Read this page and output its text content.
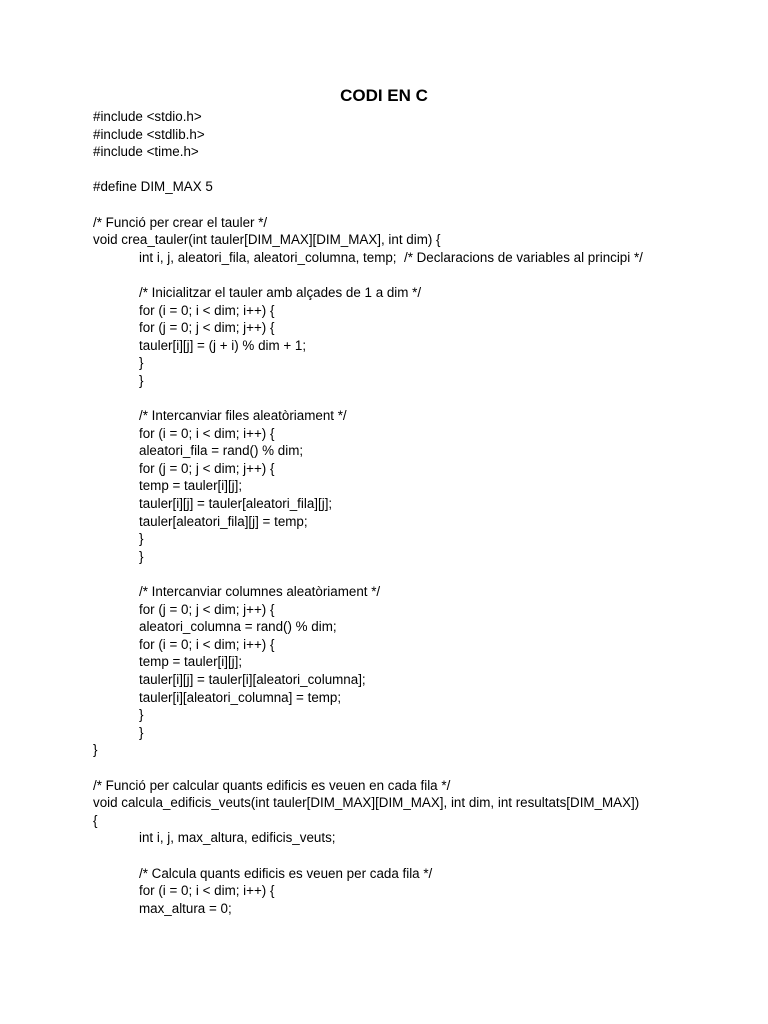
CODI EN C
#include <stdio.h>
#include <stdlib.h>
#include <time.h>
#define DIM_MAX 5
/* Funció per crear el tauler */
void crea_tauler(int tauler[DIM_MAX][DIM_MAX], int dim) {
int i, j, aleatori_fila, aleatori_columna, temp;  /* Declaracions de variables al principi */
/* Inicialitzar el tauler amb alçades de 1 a dim */
for (i = 0; i < dim; i++) {
for (j = 0; j < dim; j++) {
tauler[i][j] = (j + i) % dim + 1;
}
}
/* Intercanviar files aleatòriament */
for (i = 0; i < dim; i++) {
aleatori_fila = rand() % dim;
for (j = 0; j < dim; j++) {
temp = tauler[i][j];
tauler[i][j] = tauler[aleatori_fila][j];
tauler[aleatori_fila][j] = temp;
}
}
/* Intercanviar columnes aleatòriament */
for (j = 0; j < dim; j++) {
aleatori_columna = rand() % dim;
for (i = 0; i < dim; i++) {
temp = tauler[i][j];
tauler[i][j] = tauler[i][aleatori_columna];
tauler[i][aleatori_columna] = temp;
}
}
}
/* Funció per calcular quants edificis es veuen en cada fila */
void calcula_edificis_veuts(int tauler[DIM_MAX][DIM_MAX], int dim, int resultats[DIM_MAX])
{
int i, j, max_altura, edificis_veuts;
/* Calcula quants edificis es veuen per cada fila */
for (i = 0; i < dim; i++) {
max_altura = 0;
